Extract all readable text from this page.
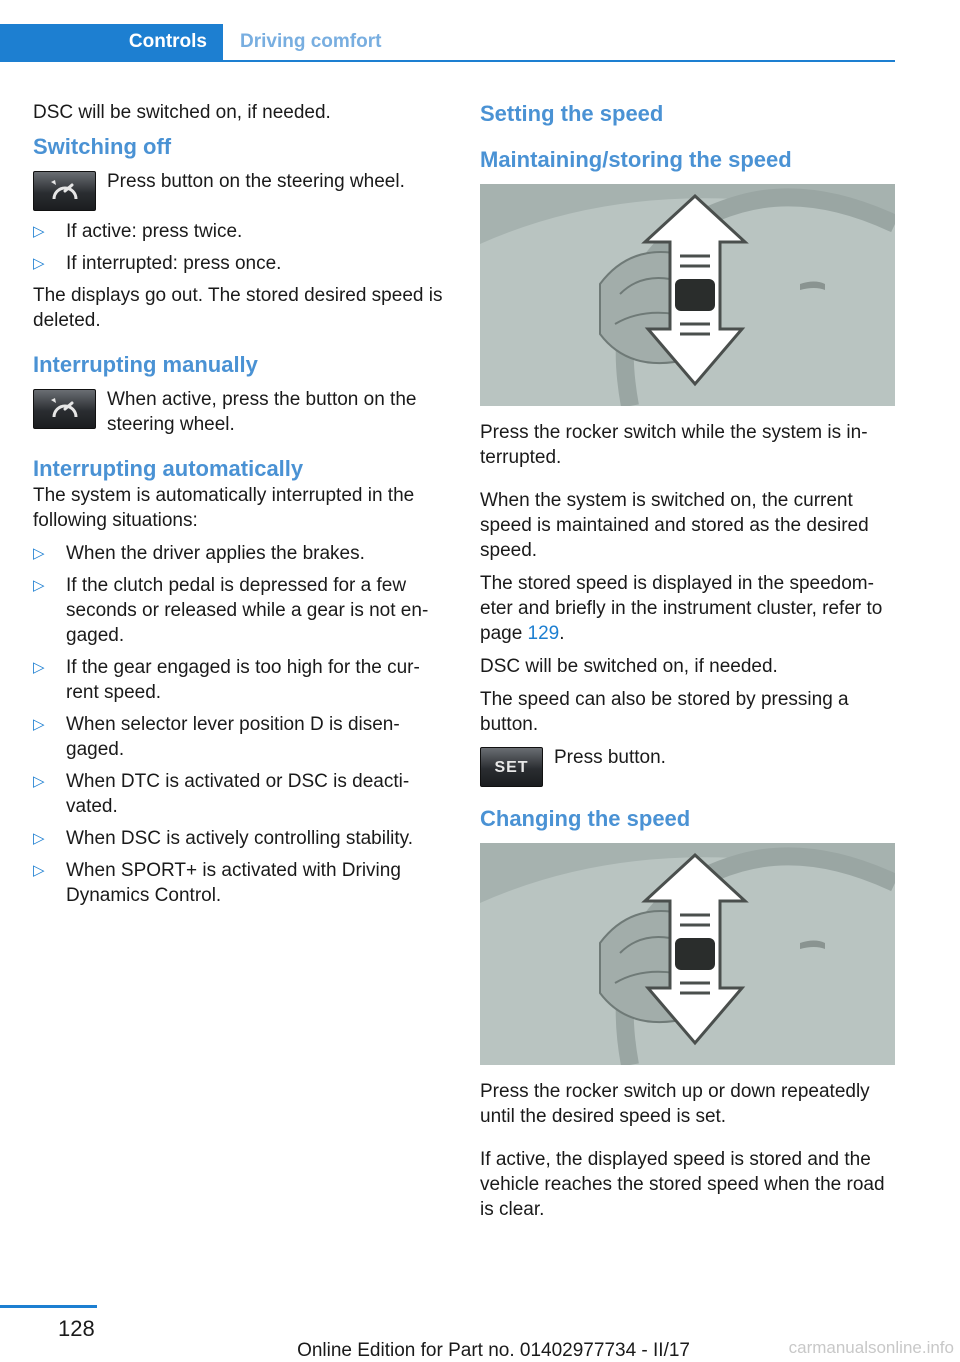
Controls	Driving comfort

DSC will be switched on, if needed.

Switching off
Press button on the steering wheel.
▷
If active: press twice.
▷
If interrupted: press once.

The displays go out. The stored desired speed is deleted.

Interrupting manually
When active, press the button on the steering wheel.
Interrupting automatically

The system is automatically interrupted in the following situations:

▷
When the driver applies the brakes.
▷
If the clutch pedal is depressed for a few seconds or released while a gear is not engaged.
▷
If the gear engaged is too high for the current speed.
▷
When selector lever position D is disengaged.
▷
When DTC is activated or DSC is deactivated.
▷
When DSC is actively controlling stability.
▷
When SPORT+ is activated with Driving Dynamics Control.
Setting the speed
Maintaining/storing the speed

Press the rocker switch while the system is interrupted.

When the system is switched on, the current speed is maintained and stored as the desired speed.

The stored speed is displayed in the speedometer and briefly in the instrument cluster, refer to page 129.

DSC will be switched on, if needed.

The speed can also be stored by pressing a button.

SET Press button.
Changing the speed

Press the rocker switch up or down repeatedly until the desired speed is set.

If active, the displayed speed is stored and the vehicle reaches the stored speed when the road is clear.

128
Online Edition for Part no. 01402977734 - II/17	carmanualsonline.info
